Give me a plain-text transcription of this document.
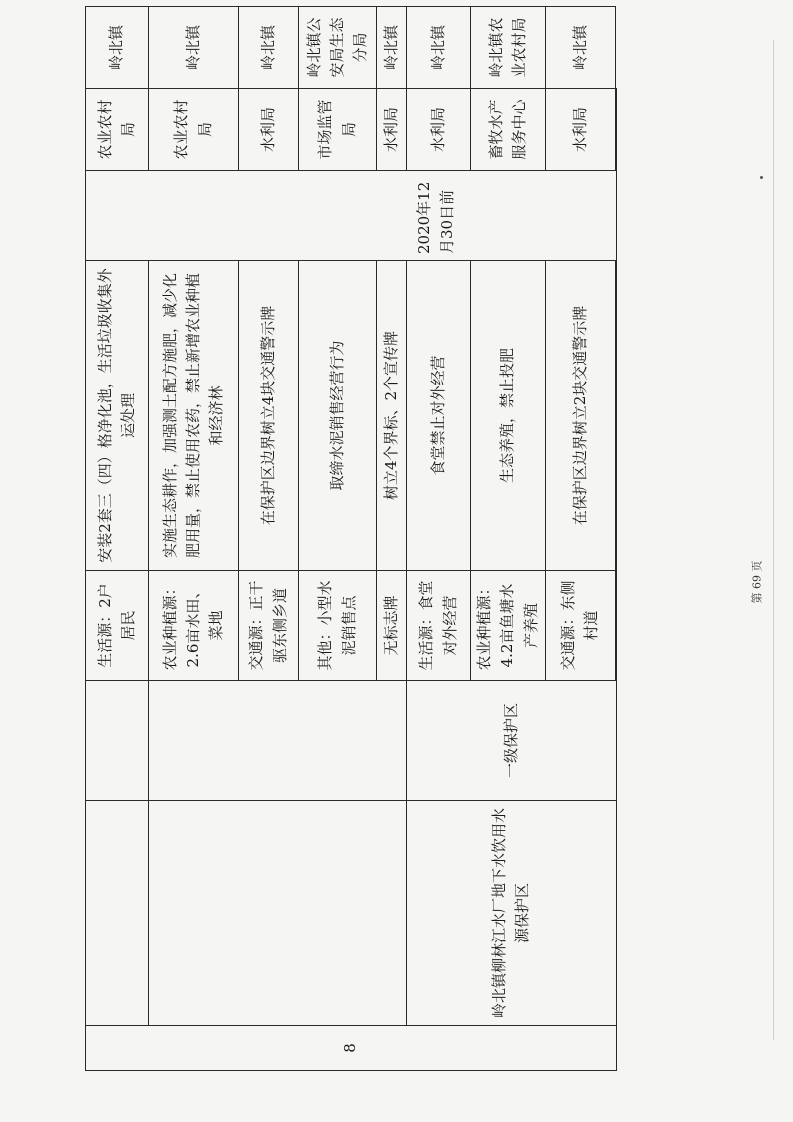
8			生活源：2户居民	安装2套三（四）格净化池，生活垃圾收集外运处理		农业农村局	岭北镇
			农业种植源：2.6亩水田、菜地	实施生态耕作，加强测土配方施肥，减少化肥用量，禁止使用农药，禁止新增农业种植和经济林		农业农村局	岭北镇
			交通源：正干驱东侧乡道	在保护区边界树立4块交通警示牌		水利局	岭北镇
			其他：小型水泥销售点	取缔水泥销售经营行为		市场监管局	岭北镇公安局生态分局
			无标志牌	树立4个界标、2个宣传牌		水利局	岭北镇
	岭北镇柳林江水厂地下水饮用水源保护区	一级保护区	生活源：食堂对外经营	食堂禁止对外经营	2020年12月30日前	水利局	岭北镇
			农业种植源：4.2亩鱼塘水产养殖	生态养殖，禁止投肥		畜牧水产服务中心	岭北镇农业农村局
			交通源：东侧村道	在保护区边界树立2块交通警示牌		水利局	岭北镇

第 69 页
